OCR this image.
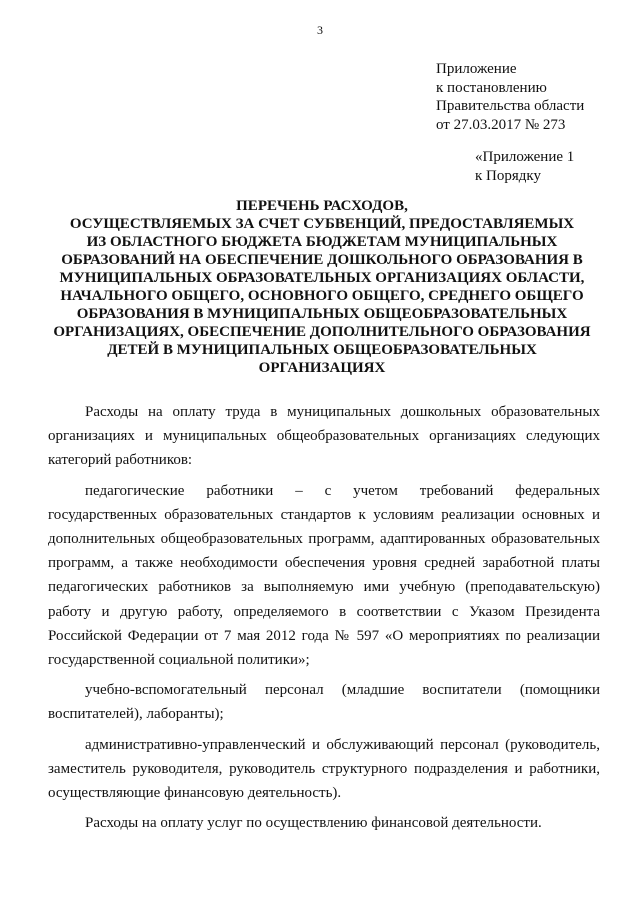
3
Приложение
к постановлению
Правительства области
от 27.03.2017 № 273
«Приложение 1
к Порядку
ПЕРЕЧЕНЬ РАСХОДОВ,
ОСУЩЕСТВЛЯЕМЫХ ЗА СЧЕТ СУБВЕНЦИЙ, ПРЕДОСТАВЛЯЕМЫХ
ИЗ ОБЛАСТНОГО БЮДЖЕТА БЮДЖЕТАМ МУНИЦИПАЛЬНЫХ
ОБРАЗОВАНИЙ НА ОБЕСПЕЧЕНИЕ ДОШКОЛЬНОГО ОБРАЗОВАНИЯ В
МУНИЦИПАЛЬНЫХ ОБРАЗОВАТЕЛЬНЫХ ОРГАНИЗАЦИЯХ ОБЛАСТИ,
НАЧАЛЬНОГО ОБЩЕГО, ОСНОВНОГО ОБЩЕГО, СРЕДНЕГО ОБЩЕГО
ОБРАЗОВАНИЯ В МУНИЦИПАЛЬНЫХ ОБЩЕОБРАЗОВАТЕЛЬНЫХ
ОРГАНИЗАЦИЯХ, ОБЕСПЕЧЕНИЕ ДОПОЛНИТЕЛЬНОГО ОБРАЗОВАНИЯ
ДЕТЕЙ В МУНИЦИПАЛЬНЫХ ОБЩЕОБРАЗОВАТЕЛЬНЫХ
ОРГАНИЗАЦИЯХ

Расходы на оплату труда в муниципальных дошкольных образовательных организациях и муниципальных общеобразовательных организациях следующих категорий работников:

педагогические работники – с учетом требований федеральных государственных образовательных стандартов к условиям реализации основных и дополнительных общеобразовательных программ, адаптированных образовательных программ, а также необходимости обеспечения уровня средней заработной платы педагогических работников за выполняемую ими учебную (преподавательскую) работу и другую работу, определяемого в соответствии с Указом Президента Российской Федерации от 7 мая 2012 года № 597 «О мероприятиях по реализации государственной социальной политики»;

учебно-вспомогательный персонал (младшие воспитатели (помощники воспитателей), лаборанты);

административно-управленческий и обслуживающий персонал (руководитель, заместитель руководителя, руководитель структурного подразделения и работники, осуществляющие финансовую деятельность).

Расходы на оплату услуг по осуществлению финансовой деятельности.
